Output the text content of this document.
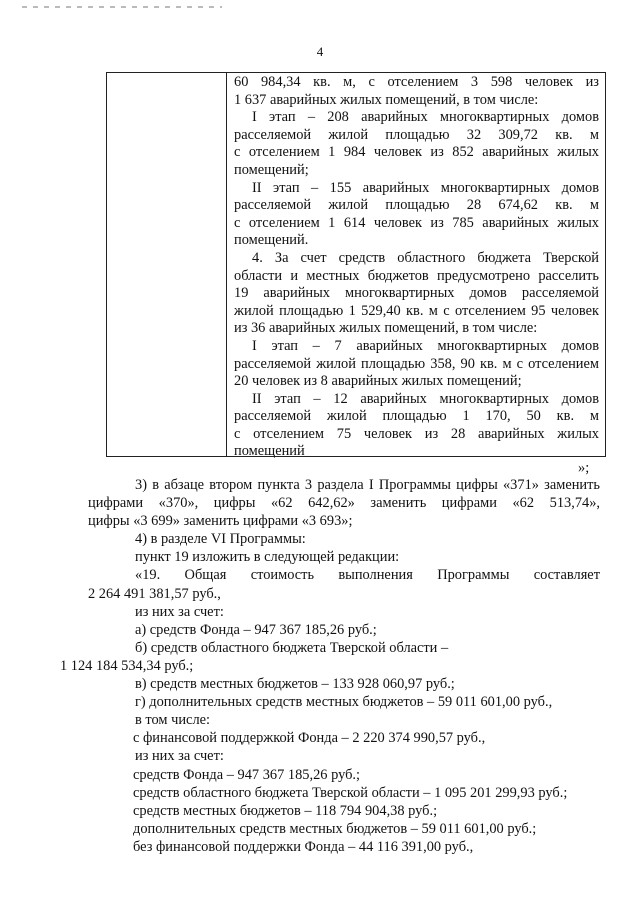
4

60 984,34 кв. м, с отселением 3 598 человек из

1 637 аварийных жилых помещений, в том числе:

I этап – 208 аварийных многоквартирных домов

расселяемой жилой площадью 32 309,72 кв. м

с отселением 1 984 человек из 852 аварийных жилых

помещений;

II этап – 155 аварийных многоквартирных домов

расселяемой жилой площадью 28 674,62 кв. м

с отселением 1 614 человек из 785 аварийных жилых

помещений.

4. За счет средств областного бюджета Тверской

области и местных бюджетов предусмотрено расселить

19 аварийных многоквартирных домов расселяемой

жилой площадью 1 529,40 кв. м с отселением 95 человек

из 36 аварийных жилых помещений, в том числе:

I этап – 7 аварийных многоквартирных домов

расселяемой жилой площадью 358, 90 кв. м с отселением

20 человек из 8 аварийных жилых помещений;

II этап – 12 аварийных многоквартирных домов

расселяемой жилой площадью 1 170, 50 кв. м

с отселением 75 человек из 28 аварийных жилых

помещений

»;
3) в абзаце втором пункта 3 раздела I Программы цифры «371» заменить
цифрами «370», цифры «62 642,62» заменить цифрами «62 513,74»,
цифры «3 699» заменить цифрами «3 693»;
4) в разделе VI Программы:
пункт 19 изложить в следующей редакции:
«19. Общая стоимость выполнения Программы составляет
2 264 491 381,57 руб.,
из них за счет:
а) средств Фонда – 947 367 185,26 руб.;
б) средств областного бюджета Тверской области –
1 124 184 534,34 руб.;
в) средств местных бюджетов – 133 928 060,97 руб.;
г) дополнительных средств местных бюджетов – 59 011 601,00 руб.,
в том числе:
с финансовой поддержкой Фонда – 2 220 374 990,57 руб.,
из них за счет:
средств Фонда – 947 367 185,26 руб.;
средств областного бюджета Тверской области – 1 095 201 299,93 руб.;
средств местных бюджетов – 118 794 904,38 руб.;
дополнительных средств местных бюджетов – 59 011 601,00 руб.;
без финансовой поддержки Фонда – 44 116 391,00 руб.,
